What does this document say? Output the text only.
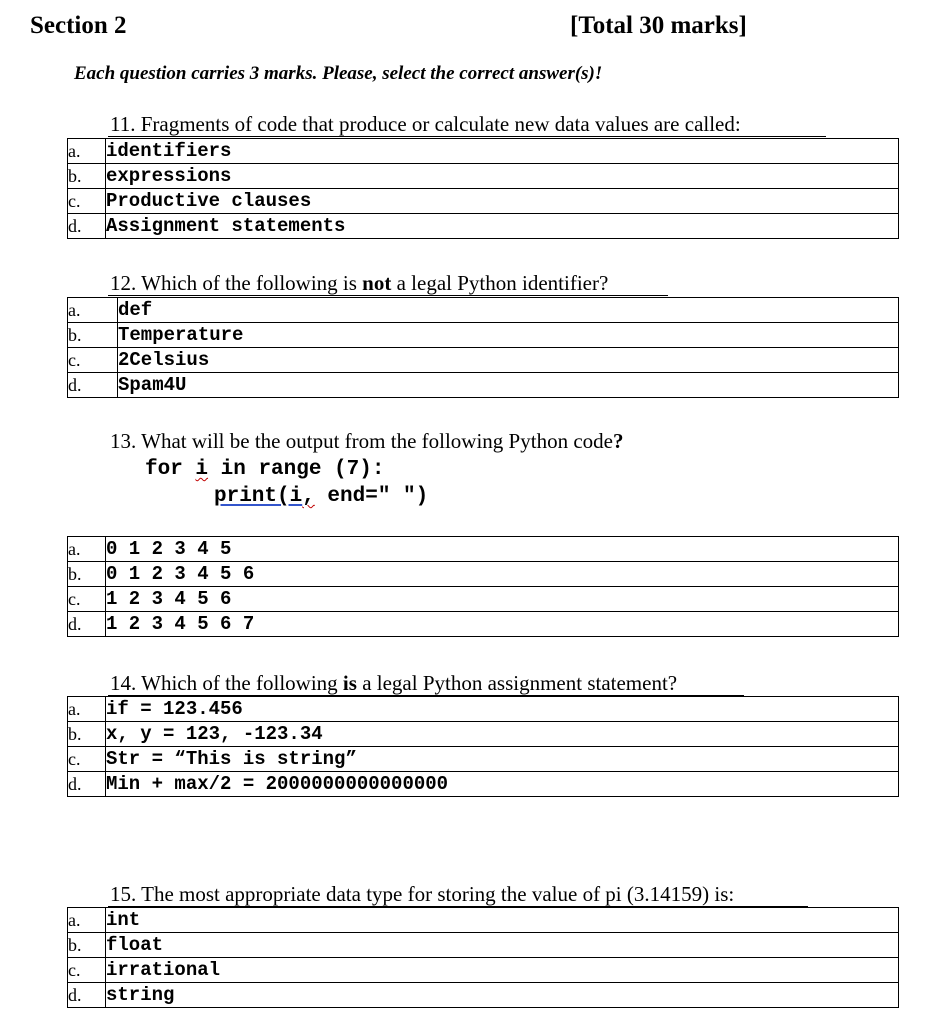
Section 2	[Total 30 marks]
Each question carries 3 marks. Please, select the correct answer(s)!
11. Fragments of code that produce or calculate new data values are called:
a.	identifiers
b.	expressions
c.	Productive clauses
d.	Assignment statements
12. Which of the following is not a legal Python identifier?
a.	def
b.	Temperature
c.	2Celsius
d.	Spam4U
13. What will be the output from the following Python code?
for i in range (7):
print(i, end=" ")
a.	0 1 2 3 4 5
b.	0 1 2 3 4 5 6
c.	1 2 3 4 5 6
d.	1 2 3 4 5 6 7
14. Which of the following is a legal Python assignment statement?
a.	if = 123.456
b.	x, y = 123, -123.34
c.	Str = “This is string”
d.	Min + max/2 = 2000000000000000
15. The most appropriate data type for storing the value of pi (3.14159) is:
a.	int
b.	float
c.	irrational
d.	string
